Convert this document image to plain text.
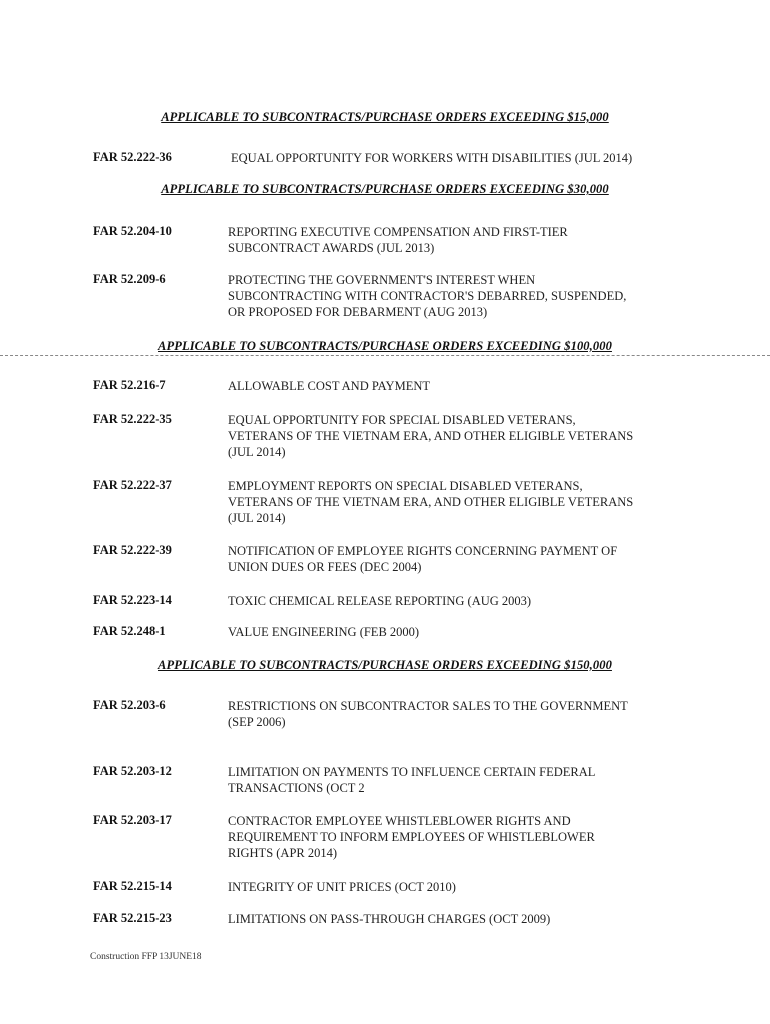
APPLICABLE TO SUBCONTRACTS/PURCHASE ORDERS EXCEEDING $15,000
FAR 52.222-36	EQUAL OPPORTUNITY FOR WORKERS WITH DISABILITIES (JUL 2014)
APPLICABLE TO SUBCONTRACTS/PURCHASE ORDERS EXCEEDING $30,000
FAR 52.204-10	REPORTING EXECUTIVE COMPENSATION AND FIRST-TIER
SUBCONTRACT AWARDS (JUL 2013)
FAR 52.209-6	PROTECTING THE GOVERNMENT'S INTEREST WHEN
SUBCONTRACTING WITH CONTRACTOR'S DEBARRED, SUSPENDED,
OR PROPOSED FOR DEBARMENT (AUG 2013)
APPLICABLE TO SUBCONTRACTS/PURCHASE ORDERS EXCEEDING $100,000
FAR 52.216-7	ALLOWABLE COST AND PAYMENT
FAR 52.222-35	EQUAL OPPORTUNITY FOR SPECIAL DISABLED VETERANS,
VETERANS OF THE VIETNAM ERA, AND OTHER ELIGIBLE VETERANS
(JUL 2014)
FAR 52.222-37	EMPLOYMENT REPORTS ON SPECIAL DISABLED VETERANS,
VETERANS OF THE VIETNAM ERA, AND OTHER ELIGIBLE VETERANS
(JUL 2014)
FAR 52.222-39	NOTIFICATION OF EMPLOYEE RIGHTS CONCERNING PAYMENT OF
UNION DUES OR FEES (DEC 2004)
FAR 52.223-14	TOXIC CHEMICAL RELEASE REPORTING (AUG 2003)
FAR 52.248-1	VALUE ENGINEERING (FEB 2000)
APPLICABLE TO SUBCONTRACTS/PURCHASE ORDERS EXCEEDING $150,000
FAR 52.203-6	RESTRICTIONS ON SUBCONTRACTOR SALES TO THE GOVERNMENT
(SEP 2006)
FAR 52.203-12	LIMITATION ON PAYMENTS TO INFLUENCE CERTAIN FEDERAL
TRANSACTIONS (OCT 2
FAR 52.203-17	CONTRACTOR EMPLOYEE WHISTLEBLOWER RIGHTS AND
REQUIREMENT TO INFORM EMPLOYEES OF WHISTLEBLOWER
RIGHTS (APR 2014)
FAR 52.215-14	INTEGRITY OF UNIT PRICES (OCT 2010)
FAR 52.215-23	LIMITATIONS ON PASS-THROUGH CHARGES (OCT 2009)
Construction FFP 13JUNE18
